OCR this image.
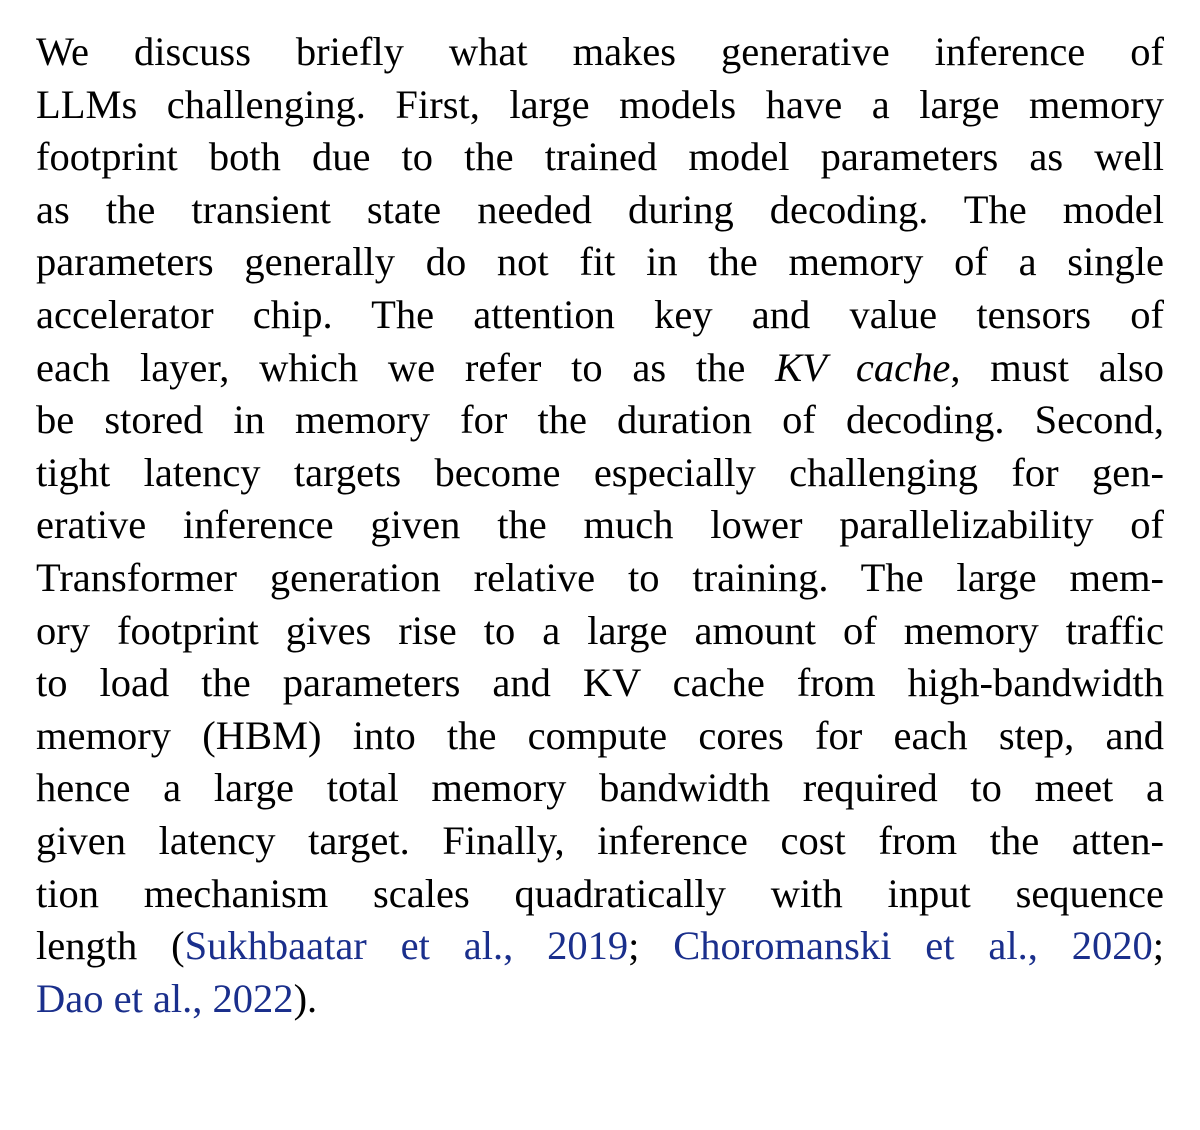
We discuss briefly what makes generative inference of
LLMs challenging. First, large models have a large memory
footprint both due to the trained model parameters as well
as the transient state needed during decoding. The model
parameters generally do not fit in the memory of a single
accelerator chip. The attention key and value tensors of
each layer, which we refer to as the KV cache, must also
be stored in memory for the duration of decoding. Second,
tight latency targets become especially challenging for gen-
erative inference given the much lower parallelizability of
Transformer generation relative to training. The large mem-
ory footprint gives rise to a large amount of memory traffic
to load the parameters and KV cache from high-bandwidth
memory (HBM) into the compute cores for each step, and
hence a large total memory bandwidth required to meet a
given latency target. Finally, inference cost from the atten-
tion mechanism scales quadratically with input sequence
length (Sukhbaatar et al., 2019; Choromanski et al., 2020;
Dao et al., 2022).
